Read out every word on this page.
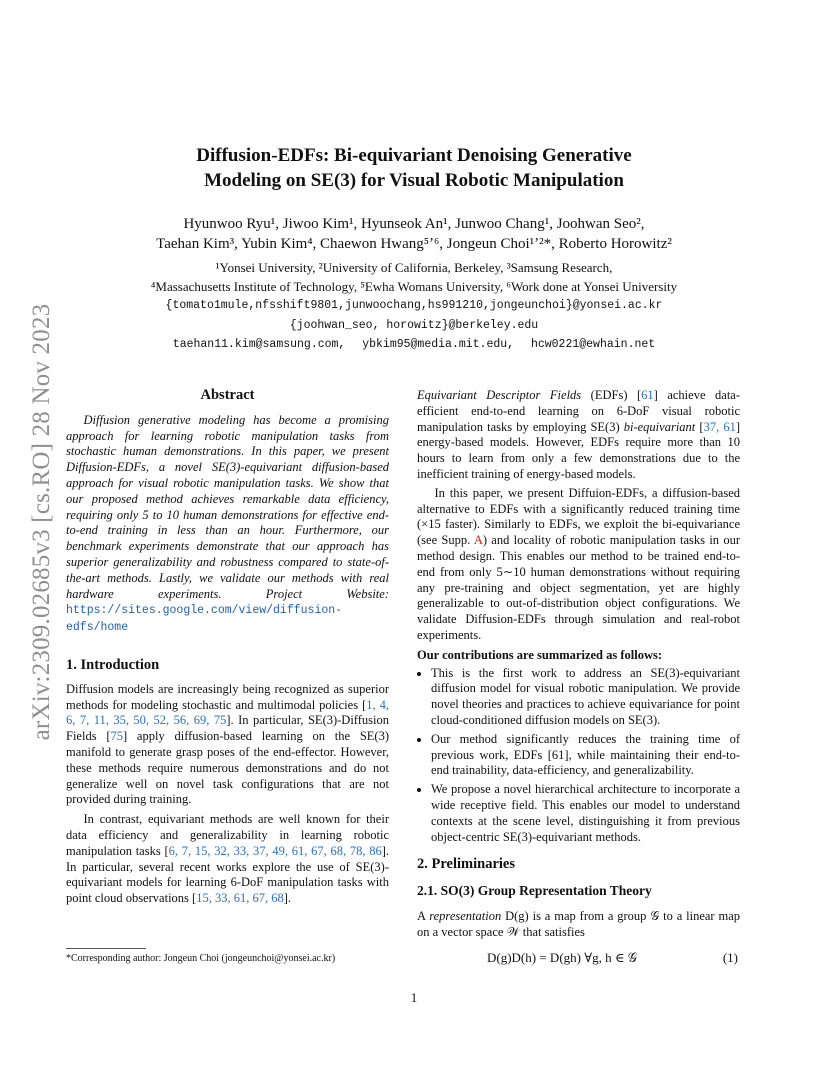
arXiv:2309.02685v3 [cs.RO] 28 Nov 2023
Diffusion-EDFs: Bi-equivariant Denoising Generative
Modeling on SE(3) for Visual Robotic Manipulation
Hyunwoo Ryu¹, Jiwoo Kim¹, Hyunseok An¹, Junwoo Chang¹, Joohwan Seo²,
Taehan Kim³, Yubin Kim⁴, Chaewon Hwang⁵ʼ⁶, Jongeun Choi¹ʼ²*, Roberto Horowitz²
¹Yonsei University, ²University of California, Berkeley, ³Samsung Research,
⁴Massachusetts Institute of Technology, ⁵Ewha Womans University, ⁶Work done at Yonsei University
{tomato1mule,nfsshift9801,junwoochang,hs991210,jongeunchoi}@yonsei.ac.kr
{joohwan_seo, horowitz}@berkeley.edu
taehan11.kim@samsung.com, ybkim95@media.mit.edu, hcw0221@ewhain.net
Abstract

Diffusion generative modeling has become a promising approach for learning robotic manipulation tasks from stochastic human demonstrations. In this paper, we present Diffusion-EDFs, a novel SE(3)-equivariant diffusion-based approach for visual robotic manipulation tasks. We show that our proposed method achieves remarkable data efficiency, requiring only 5 to 10 human demonstrations for effective end-to-end training in less than an hour. Furthermore, our benchmark experiments demonstrate that our approach has superior generalizability and robustness compared to state-of-the-art methods. Lastly, we validate our methods with real hardware experiments. Project Website: https://sites.google.com/view/diffusion-edfs/home

1. Introduction

Diffusion models are increasingly being recognized as superior methods for modeling stochastic and multimodal policies [1, 4, 6, 7, 11, 35, 50, 52, 56, 69, 75]. In particular, SE(3)-Diffusion Fields [75] apply diffusion-based learning on the SE(3) manifold to generate grasp poses of the end-effector. However, these methods require numerous demonstrations and do not generalize well on novel task configurations that are not provided during training.

In contrast, equivariant methods are well known for their data efficiency and generalizability in learning robotic manipulation tasks [6, 7, 15, 32, 33, 37, 49, 61, 67, 68, 78, 86]. In particular, several recent works explore the use of SE(3)-equivariant models for learning 6-DoF manipulation tasks with point cloud observations [15, 33, 61, 67, 68].

Equivariant Descriptor Fields (EDFs) [61] achieve data-efficient end-to-end learning on 6-DoF visual robotic manipulation tasks by employing SE(3) bi-equivariant [37, 61] energy-based models. However, EDFs require more than 10 hours to learn from only a few demonstrations due to the inefficient training of energy-based models.

In this paper, we present Diffuion-EDFs, a diffusion-based alternative to EDFs with a significantly reduced training time (×15 faster). Similarly to EDFs, we exploit the bi-equivariance (see Supp. A) and locality of robotic manipulation tasks in our method design. This enables our method to be trained end-to-end from only 5∼10 human demonstrations without requiring any pre-training and object segmentation, yet are highly generalizable to out-of-distribution object configurations. We validate Diffusion-EDFs through simulation and real-robot experiments.

Our contributions are summarized as follows:

• This is the first work to address an SE(3)-equivariant diffusion model for visual robotic manipulation. We provide novel theories and practices to achieve equivariance for point cloud-conditioned diffusion models on SE(3).
• Our method significantly reduces the training time of previous work, EDFs [61], while maintaining their end-to-end trainability, data-efficiency, and generalizability.
• We propose a novel hierarchical architecture to incorporate a wide receptive field. This enables our model to understand contexts at the scene level, distinguishing it from previous object-centric SE(3)-equivariant methods.
2. Preliminaries
2.1. SO(3) Group Representation Theory

A representation D(g) is a map from a group 𝒢 to a linear map on a vector space 𝒲 that satisfies

D(g)D(h) = D(gh) ∀g, h ∈ 𝒢	(1)
*Corresponding author: Jongeun Choi (jongeunchoi@yonsei.ac.kr)
1
